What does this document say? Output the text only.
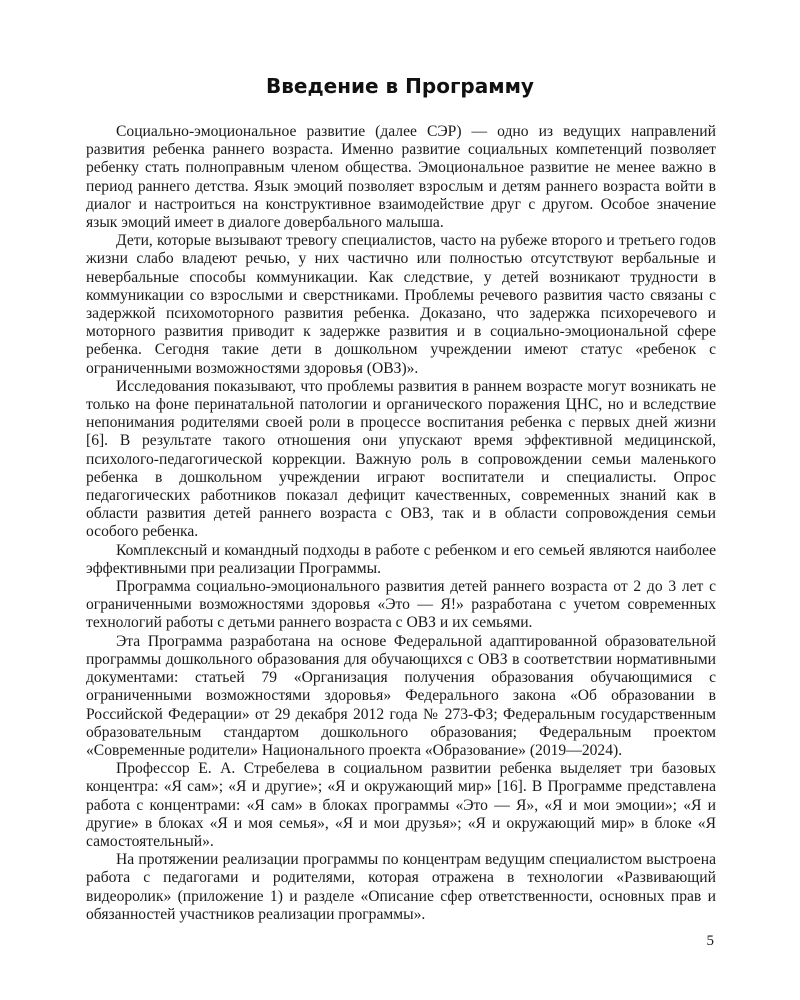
Введение в Программу

Социально-эмоциональное развитие (далее СЭР) — одно из ведущих направлений развития ребенка раннего возраста. Именно развитие социальных компетенций позволяет ребенку стать полноправным членом общества. Эмоциональное развитие не менее важно в период раннего детства. Язык эмоций позволяет взрослым и детям раннего возраста войти в диалог и настроиться на конструктивное взаимодействие друг с другом. Особое значение язык эмоций имеет в диалоге довербального малыша.

Дети, которые вызывают тревогу специалистов, часто на рубеже второго и третьего годов жизни слабо владеют речью, у них частично или полностью отсутствуют вербальные и невербальные способы коммуникации. Как следствие, у детей возникают трудности в коммуникации со взрослыми и сверстниками. Проблемы речевого развития часто связаны с задержкой психомоторного развития ребенка. Доказано, что задержка психоречевого и моторного развития приводит к задержке развития и в социально-эмоциональной сфере ребенка. Сегодня такие дети в дошкольном учреждении имеют статус «ребенок с ограниченными возможностями здоровья (ОВЗ)».

Исследования показывают, что проблемы развития в раннем возрасте могут возникать не только на фоне перинатальной патологии и органического поражения ЦНС, но и вследствие непонимания родителями своей роли в процессе воспитания ребенка с первых дней жизни [6]. В результате такого отношения они упускают время эффективной медицинской, психолого-педагогической коррекции. Важную роль в сопровождении семьи маленького ребенка в дошкольном учреждении играют воспитатели и специалисты. Опрос педагогических работников показал дефицит качественных, современных знаний как в области развития детей раннего возраста с ОВЗ, так и в области сопровождения семьи особого ребенка.

Комплексный и командный подходы в работе с ребенком и его семьей являются наиболее эффективными при реализации Программы.

Программа социально-эмоционального развития детей раннего возраста от 2 до 3 лет с ограниченными возможностями здоровья «Это — Я!» разработана с учетом современных технологий работы с детьми раннего возраста с ОВЗ и их семьями.

Эта Программа разработана на основе Федеральной адаптированной образовательной программы дошкольного образования для обучающихся с ОВЗ в соответствии нормативными документами: статьей 79 «Организация получения образования обучающимися с ограниченными возможностями здоровья» Федерального закона «Об образовании в Российской Федерации» от 29 декабря 2012 года № 273-ФЗ; Федеральным государственным образовательным стандартом дошкольного образования; Федеральным проектом «Современные родители» Национального проекта «Образование» (2019—2024).

Профессор Е. А. Стребелева в социальном развитии ребенка выделяет три базовых концентра: «Я сам»; «Я и другие»; «Я и окружающий мир» [16]. В Программе представлена работа с концентрами: «Я сам» в блоках программы «Это — Я», «Я и мои эмоции»; «Я и другие» в блоках «Я и моя семья», «Я и мои друзья»; «Я и окружающий мир» в блоке «Я самостоятельный».

На протяжении реализации программы по концентрам ведущим специалистом выстроена работа с педагогами и родителями, которая отражена в технологии «Развивающий видеоролик» (приложение 1) и разделе «Описание сфер ответственности, основных прав и обязанностей участников реализации программы».

5
